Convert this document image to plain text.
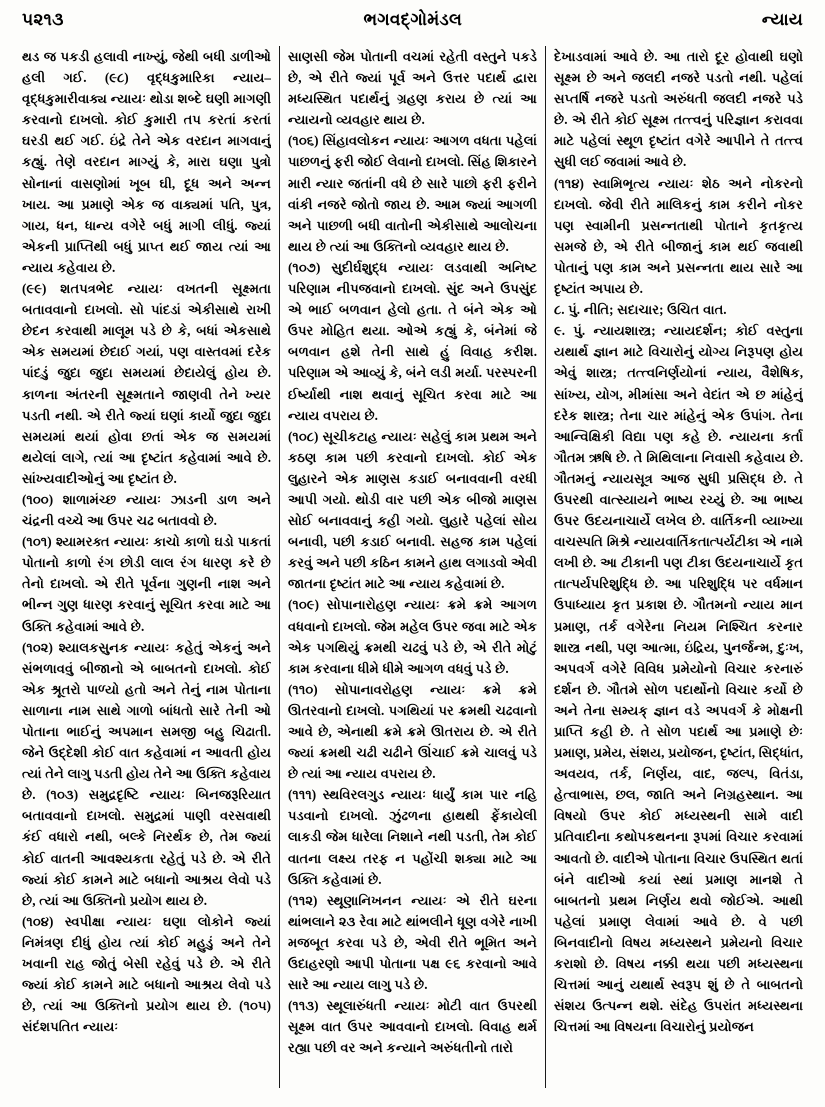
૫૨૧૩	ભગવદ્ગોમંડલ	ન્યાય

થડ જ પકડી હલાવી નાખ્યું, જેથી બધી ડાળીઓ હલી ગઈ. (૯૮) વૃદ્ધકુમારિકા ન્યાય–વૃદ્ધકુમારીવાક્ય ન્યાયઃ થોડા શબ્દે ઘણી માગણી કરવાનો દાખલો. કોઈ કુમારી તપ કરતાં કરતાં ઘરડી થઈ ગઈ. ઇંદ્રે તેને એક વરદાન માગવાનું કહ્યું. તેણે વરદાન માગ્યું કે, મારા ઘણા પુત્રો સોનાનાં વાસણોમાં ખૂબ ઘી, દૂધ અને અન્ન ખાય. આ પ્રમાણે એક જ વાક્યમાં પતિ, પુત્ર, ગાય, ધન, ધાન્ય વગેરે બધું માગી લીધું. જ્યાં એકની પ્રાપ્તિથી બધું પ્રાપ્ત થઈ જાય ત્યાં આ ન્યાય કહેવાય છે.

(૯૯) શતપત્રભેદ ન્યાયઃ વખતની સૂક્ષ્મતા બતાવવાનો દાખલો. સો પાંદડાં એકીસાથે રાખી છેદન કરવાથી માલૂમ પડે છે કે, બધાં એકસાથે એક સમયમાં છેદાઈ ગયાં, પણ વાસ્તવમાં દરેક પાંદડું જુદા જુદા સમયમાં છેદાયેલું હોય છે. કાળના અંતરની સૂક્ષ્મતાને જાણવી તેને ખ્યર પડતી નથી. એ રીતે જ્યાં ઘણાં કાર્યો જુદા જુદા સમયમાં થયાં હોવા છતાં એક જ સમયમાં થયેલાં લાગે, ત્યાં આ દૃષ્ટાંત કહેવામાં આવે છે. સાંખ્યવાદીઓનું આ દૃષ્ટાંત છે.

(૧૦૦) શાળામંચ્છ ન્યાયઃ ઝાડની ડાળ અને ચંદ્રની વચ્ચે આ ઉપર ચઢ બતાવવો છે.

(૧૦૧) શ્યામરક્ત ન્યાયઃ કાચો કાળો ઘડો પાકતાં પોતાનો કાળો રંગ છોડી લાલ રંગ ધારણ કરે છે તેનો દાખલો. એ રીતે પૂર્વના ગુણની નાશ અને ભીન્ન ગુણ ધારણ કરવાનું સૂચિત કરવા માટે આ ઉક્તિ કહેવામાં આવે છે.

(૧૦૨) શ્યાલકસુનક ન્યાયઃ કહેતું એકનું અને સંભળાવવું બીજાનો એ બાબતનો દાખલો. કોઈ એક શ્રૂતરો પાળ્યો હતો અને તેનું નામ પોતાના સાળાના નામ સાથે ગાળો બાંધતો સારે તેની ઓ પોતાના ભાઈનું અપમાન સમજી બહુ ચિઢાતી. જેને ઉદ્દેશી કોઈ વાત કહેવામાં ન આવતી હોય ત્યાં તેને લાગુ પડતી હોય તેને આ ઉક્તિ કહેવાય છે. (૧૦૩) સમુદ્રદૃષ્ટિ ન્યાયઃ બિનજરૂરિયાત બતાવવાનો દાખલો. સમુદ્રમાં પાણી વરસવાથી કંઈ વધારો નથી, બલ્કે નિરર્થક છે, તેમ જ્યાં કોઈ વાતની આવશ્યકતા રહેતું પડે છે. એ રીતે જ્યાં કોઈ કામને માટે બધાનો આશ્રય લેવો પડે છે, ત્યાં આ ઉક્તિનો પ્રયોગ થાય છે.

(૧૦૪) સ્વપીક્ષા ન્યાયઃ ઘણા લોકોને જ્યાં નિમંત્રણ દીધું હોય ત્યાં કોઈ મહુડું અને તેને ખવાની રાહ જોતું બેસી રહેવું પડે છે. એ રીતે જ્યાં કોઈ કામને માટે બધાનો આશ્રય લેવો પડે છે, ત્યાં આ ઉક્તિનો પ્રયોગ થાય છે. (૧૦૫) સંદંશપતિત ન્યાયઃ

સાણસી જેમ પોતાની વચમાં રહેતી વસ્તુને પકડે છે, એ રીતે જ્યાં પૂર્વ અને ઉત્તર પદાર્થ દ્વારા મધ્યસ્થિત પદાર્થનું ગ્રહણ કરાય છે ત્યાં આ ન્યાયનો વ્યવહાર થાય છે.

(૧૦૬) સિંહાવલોકન ન્યાયઃ આગળ વધતા પહેલાં પાછળનું ફરી જોઈ લેવાનો દાખલો. સિંહ શિકારને મારી ન્યાર જતાંની વધે છે સારે પાછો ફરી ફરીને વાંકી નજરે જોતો જાય છે. આમ જ્યાં આગળી અને પાછળી બધી વાતોની એકીસાથે આલોચના થાય છે ત્યાં આ ઉક્તિનો વ્યવહાર થાય છે.

(૧૦૭) સુદીર્ઘશુદ્ધ ન્યાયઃ લડવાથી અનિષ્ટ પરિણામ નીપજવાનો દાખલો. સુંદ અને ઉપસુંદ એ ભાઈ બળવાન હેલો હતા. તે બંને એક ઓ ઉપર મોહિત થયા. ઓએ કહ્યું કે, બંનેમાં જે બળવાન હશે તેની સાથે હું વિવાહ કરીશ. પરિણામ એ આવ્યું કે, બંને લડી મર્યા. પરસ્પરની ઈર્ષ્યાથી નાશ થવાનું સૂચિત કરવા માટે આ ન્યાય વપરાય છે.

(૧૦૮) સૂચીકટાહ ન્યાયઃ સહેલું કામ પ્રથમ અને કઠણ કામ પછી કરવાનો દાખલો. કોઈ એક લુહારને એક માણસ કડાઈ બનાવવાની વરધી આપી ગયો. થોડી વાર પછી એક બીજો માણસ સોઈ બનાવવાનું કહી ગયો. લુહારે પહેલાં સોય બનાવી, પછી કડાઈ બનાવી. સહજ કામ પહેલાં કરવું અને પછી કઠિન કામને હાથ લગાડવો એવી જાતના દૃષ્ટાંત માટે આ ન્યાય કહેવામાં છે.

(૧૦૯) સોપાનારોહણ ન્યાયઃ ક્રમે ક્રમે આગળ વધવાનો દાખલો. જેમ મહેલ ઉપર જવા માટે એક એક પગથિયું ક્રમથી ચઢવું પડે છે, એ રીતે મોટું કામ કરવાના ધીમે ધીમે આગળ વધવું પડે છે.

(૧૧૦) સોપાનાવરોહણ ન્યાયઃ ક્રમે ક્રમે ઊતરવાનો દાખલો. પગથિયાં પર ક્રમથી ચઢવાનો આવે છે, એનાથી ક્રમે ક્રમે ઊતરાય છે. એ રીતે જ્યાં ક્રમથી ચઢી ચઢીને ઊંચાઈ ક્રમે ચાલવું પડે છે ત્યાં આ ન્યાય વપરાય છે.

(૧૧૧) સ્થવિરલગુડ ન્યાયઃ ધાર્યું કામ પાર નહિ પડવાનો દાખલો. ઝુંઢળના હાથથી ફેંકાયેલી લાકડી જેમ ધારેલા નિશાને નથી પડતી, તેમ કોઈ વાતના લક્ષ્ય તરફ ન પહોંચી શક્યા માટે આ ઉક્તિ કહેવામાં છે.

(૧૧૨) સ્થૂણાનિખનન ન્યાયઃ એ રીતે ઘરના થાંભલાને ૨૩ રેવા માટે થાંભલીને ધૂણ વગેરે નાખી મજબૂત કરવા પડે છે, એવી રીતે ભૂમિત અને ઉદાહરણો આપી પોતાના પક્ષ ૯૬ કરવાનો આવે સારે આ ન્યાય લાગુ પડે છે.

(૧૧૩) સ્થૂલારુંધતી ન્યાયઃ મોટી વાત ઉપરથી સૂક્ષ્મ વાત ઉપર આવવાનો દાખલો. વિવાહ થર્મ રહ્યા પછી વર અને કન્યાને અરુંધતીનો તારો

દેખાડવામાં આવે છે. આ તારો દૂર હોવાથી ઘણો સૂક્ષ્મ છે અને જલદી નજરે પડતો નથી. પહેલાં સપ્તર્ષિ નજરે પડતો અરુંધતી જલદી નજરે પડે છે. એ રીતે કોઈ સૂક્ષ્મ તત્ત્વનું પરિજ્ઞાન કરાવવા માટે પહેલાં સ્થૂળ દૃષ્ટાંત વગેરે આપીને તે તત્ત્વ સુધી લઈ જવામાં આવે છે.

(૧૧૪) સ્વામિભૃત્ય ન્યાયઃ શેઠ અને નોકરનો દાખલો. જેવી રીતે માલિકનું કામ કરીને નોકર પણ સ્વામીની પ્રસન્નતાથી પોતાને કૃતકૃત્ય સમજે છે, એ રીતે બીજાનું કામ થઈ જવાથી પોતાનું પણ કામ અને પ્રસન્નતા થાય સારે આ દૃષ્ટાંત અપાય છે.

૮. પું. નીતિ; સદાચાર; ઉચિત વાત.

૯. પું. ન્યાયશાસ્ત્ર; ન્યાયદર્શન; કોઈ વસ્તુના યથાર્થ જ્ઞાન માટે વિચારોનું યોગ્ય નિરૂપણ હોય એવું શાસ્ત્ર; તત્ત્વનિર્ણયોનાં ન્યાય, વૈશેષિક, સાંખ્ય, યોગ, મીમાંસા અને વેદાંત એ છ માંહેનું દરેક શાસ્ત્ર; તેના ચાર માંહેનું એક ઉપાંગ. તેના આન્વિક્ષિકી વિદ્યા પણ કહે છે. ન્યાયના કર્તા ગૌતમ ઋષિ છે. તે મિથિલાના નિવાસી કહેવાય છે. ગૌતમનું ન્યાયસૂત્ર આજ સુધી પ્રસિદ્ધ છે. તે ઉપરથી વાત્સ્યાયને ભાષ્ય રચ્યું છે. આ ભાષ્ય ઉપર ઉદયનાચાર્યે લખેલ છે. વાર્તિકની વ્યાખ્યા વાચસ્પતિ મિશ્રે ન્યાયવાર્તિકતાત્પર્યટીકા એ નામે લખી છે. આ ટીકાની પણ ટીકા ઉદયનાચાર્યે કૃત તાત્પર્યપરિશુદ્ધિ છે. આ પરિશુદ્ધિ પર વર્ધમાન ઉપાધ્યાય કૃત પ્રકાશ છે. ગૌતમનો ન્યાય માન પ્રમાણ, તર્ક વગેરેના નિયમ નિશ્ચિત કરનાર શાસ્ત્ર નથી, પણ આત્મા, ઇંદ્રિય, પુનર્જન્મ, દુઃખ, અપવર્ગ વગેરે વિવિધ પ્રમેયોનો વિચાર કરનારું દર્શન છે. ગૌતમે સોળ પદાર્થોનો વિચાર કર્યો છે અને તેના સમ્યક્ જ્ઞાન વડે અપવર્ગ કે મોક્ષની પ્રાપ્તિ કહી છે. તે સોળ પદાર્થ આ પ્રમાણે છેઃ પ્રમાણ, પ્રમેય, સંશય, પ્રયોજન, દૃષ્ટાંત, સિદ્ધાંત, અવયવ, તર્ક, નિર્ણય, વાદ, જલ્પ, વિતંડા, હેત્વાભાસ, છલ, જાતિ અને નિગ્રહસ્થાન. આ વિષયો ઉપર કોઈ મધ્યસ્થની સામે વાદી પ્રતિવાદીના કથોપકથનના રૂપમાં વિચાર કરવામાં આવતો છે. વાદીએ પોતાના વિચાર ઉપસ્થિત થતાં બંને વાદીઓ કયાં સ્થાં પ્રમાણ માનશે તે બાબતનો પ્રથમ નિર્ણય થવો જોઈએ. આથી પહેલાં પ્રમાણ લેવામાં આવે છે. વે પછી બિનવાદીનો વિષય મધ્યસ્થને પ્રમેયનો વિચાર કરાશો છે. વિષય નક્કી થયા પછી મધ્યસ્થના ચિત્તમાં આનું યથાર્થ સ્વરૂપ શું છે તે બાબતનો સંશય ઉત્પન્ન થશે. સંદેહ ઉપરાંત મધ્યસ્થના ચિત્તમાં આ વિષયના વિચારોનું પ્રયોજન
